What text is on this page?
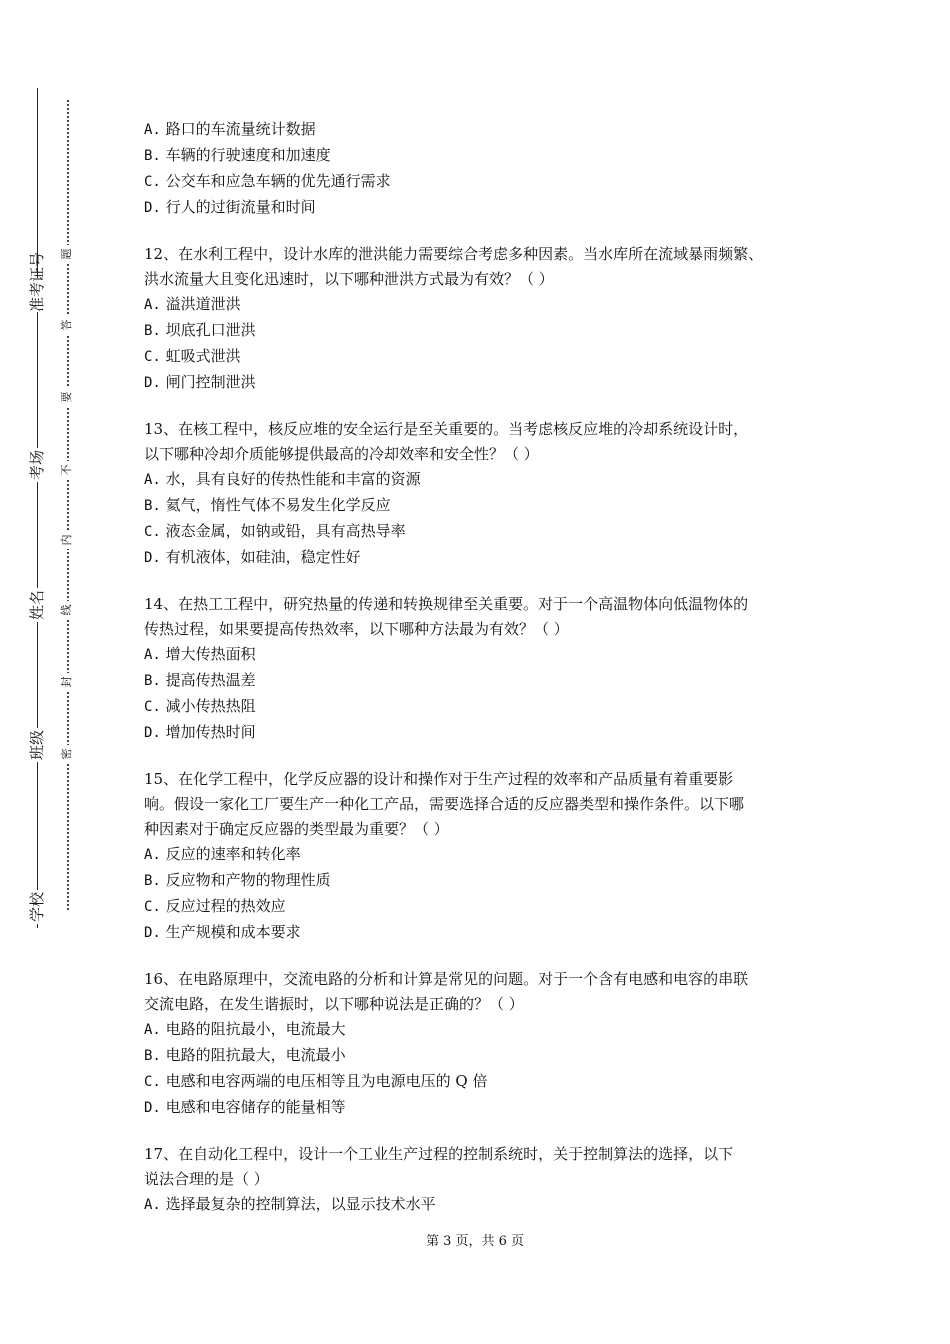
学校
班级
姓名
考场
准考证号
密
封
线
内
不
要
答
题
A. 路口的车流量统计数据
B. 车辆的行驶速度和加速度
C. 公交车和应急车辆的优先通行需求
D. 行人的过街流量和时间
12、在水利工程中，设计水库的泄洪能力需要综合考虑多种因素。当水库所在流域暴雨频繁、
洪水流量大且变化迅速时，以下哪种泄洪方式最为有效？（ ）
A. 溢洪道泄洪
B. 坝底孔口泄洪
C. 虹吸式泄洪
D. 闸门控制泄洪
13、在核工程中，核反应堆的安全运行是至关重要的。当考虑核反应堆的冷却系统设计时，
以下哪种冷却介质能够提供最高的冷却效率和安全性？（ ）
A. 水，具有良好的传热性能和丰富的资源
B. 氦气，惰性气体不易发生化学反应
C. 液态金属，如钠或铅，具有高热导率
D. 有机液体，如硅油，稳定性好
14、在热工工程中，研究热量的传递和转换规律至关重要。对于一个高温物体向低温物体的
传热过程，如果要提高传热效率，以下哪种方法最为有效？（ ）
A. 增大传热面积
B. 提高传热温差
C. 减小传热热阻
D. 增加传热时间
15、在化学工程中，化学反应器的设计和操作对于生产过程的效率和产品质量有着重要影
响。假设一家化工厂要生产一种化工产品，需要选择合适的反应器类型和操作条件。以下哪
种因素对于确定反应器的类型最为重要？（ ）
A. 反应的速率和转化率
B. 反应物和产物的物理性质
C. 反应过程的热效应
D. 生产规模和成本要求
16、在电路原理中，交流电路的分析和计算是常见的问题。对于一个含有电感和电容的串联
交流电路，在发生谐振时，以下哪种说法是正确的？（ ）
A. 电路的阻抗最小，电流最大
B. 电路的阻抗最大，电流最小
C. 电感和电容两端的电压相等且为电源电压的 Q 倍
D. 电感和电容储存的能量相等
17、在自动化工程中，设计一个工业生产过程的控制系统时，关于控制算法的选择，以下
说法合理的是（ ）
A. 选择最复杂的控制算法，以显示技术水平
第 3 页，共 6 页
